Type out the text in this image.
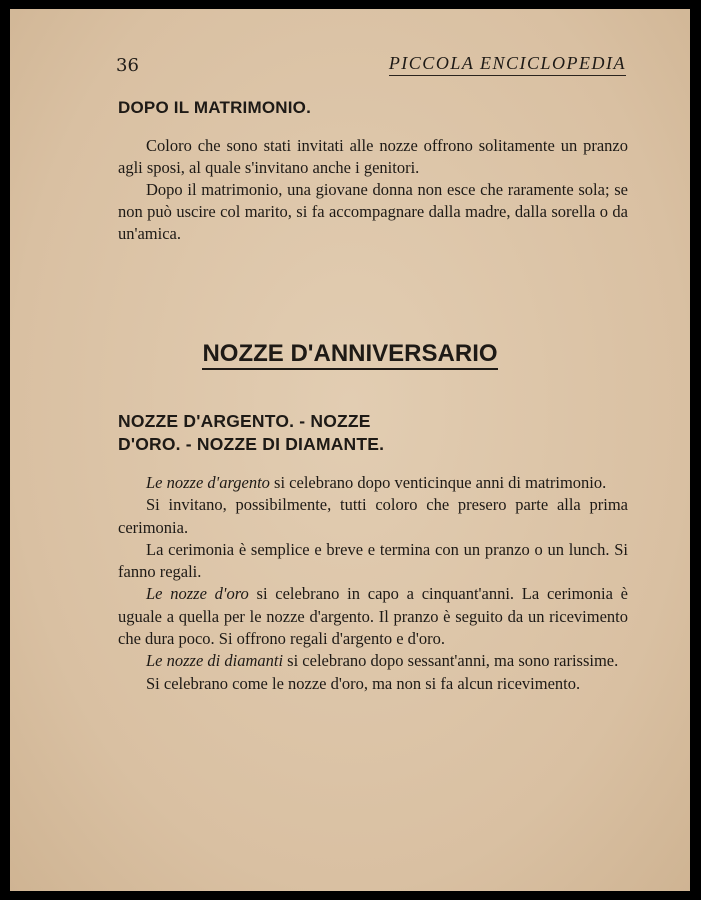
36	PICCOLA ENCICLOPEDIA
DOPO IL MATRIMONIO.

Coloro che sono stati invitati alle nozze offrono solitamente un pranzo agli sposi, al quale s'invitano anche i genitori.

Dopo il matrimonio, una giovane donna non esce che raramente sola; se non può uscire col marito, si fa accompagnare dalla madre, dalla sorella o da un'amica.

NOZZE D'ANNIVERSARIO
NOZZE D'ARGENTO. - NOZZE D'ORO. - NOZZE DI DIAMANTE.

Le nozze d'argento si celebrano dopo venticinque anni di matrimonio.

Si invitano, possibilmente, tutti coloro che presero parte alla prima cerimonia.

La cerimonia è semplice e breve e termina con un pranzo o un lunch. Si fanno regali.

Le nozze d'oro si celebrano in capo a cinquant'anni. La cerimonia è uguale a quella per le nozze d'argento. Il pranzo è seguito da un ricevimento che dura poco. Si offrono regali d'argento e d'oro.

Le nozze di diamanti si celebrano dopo sessant'anni, ma sono rarissime.

Si celebrano come le nozze d'oro, ma non si fa alcun ricevimento.
